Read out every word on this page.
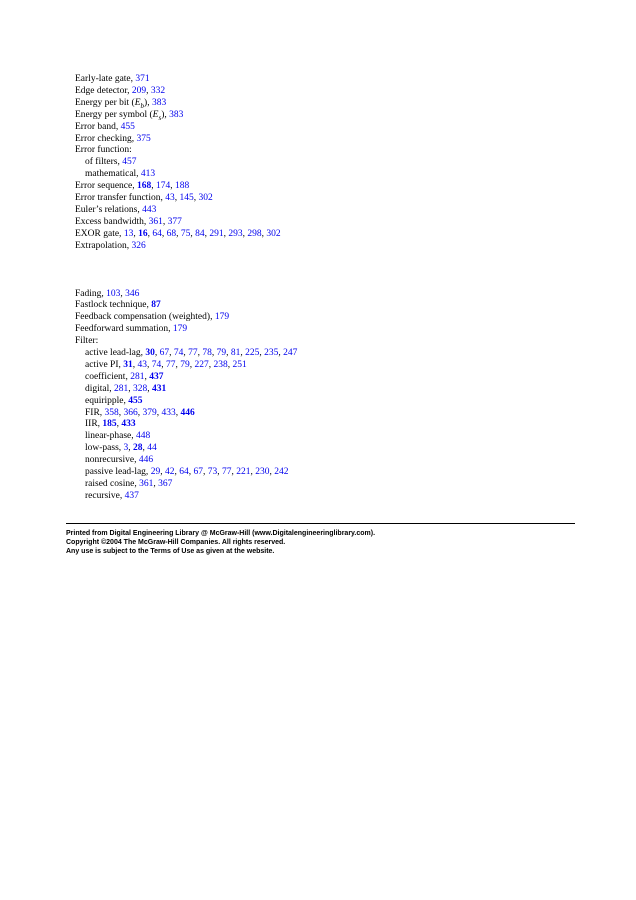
Early-late gate, 371
Edge detector, 209, 332
Energy per bit $(E_b)$, 383
Energy per symbol $(E_s)$, 383
Error band, 455
Error checking, 375
Error function:
of filters, 457
mathematical, 413
Error sequence, 168, 174, 188
Error transfer function, 43, 145, 302
Euler’s relations, 443
Excess bandwidth, 361, 377
EXOR gate, 13, 16, 64, 68, 75, 84, 291, 293, 298, 302
Extrapolation, 326
Fading, 103, 346
Fastlock technique, 87
Feedback compensation (weighted), 179
Feedforward summation, 179
Filter:
active lead-lag, 30, 67, 74, 77, 78, 79, 81, 225, 235, 247
active PI, 31, 43, 74, 77, 79, 227, 238, 251
coefficient, 281, 437
digital, 281, 328, 431
equiripple, 455
FIR, 358, 366, 379, 433, 446
IIR, 185, 433
linear-phase, 448
low-pass, 3, 28, 44
nonrecursive, 446
passive lead-lag, 29, 42, 64, 67, 73, 77, 221, 230, 242
raised cosine, 361, 367
recursive, 437
Printed from Digital Engineering Library @ McGraw-Hill (www.Digitalengineeringlibrary.com).
Copyright ©2004 The McGraw-Hill Companies. All rights reserved.
Any use is subject to the Terms of Use as given at the website.
